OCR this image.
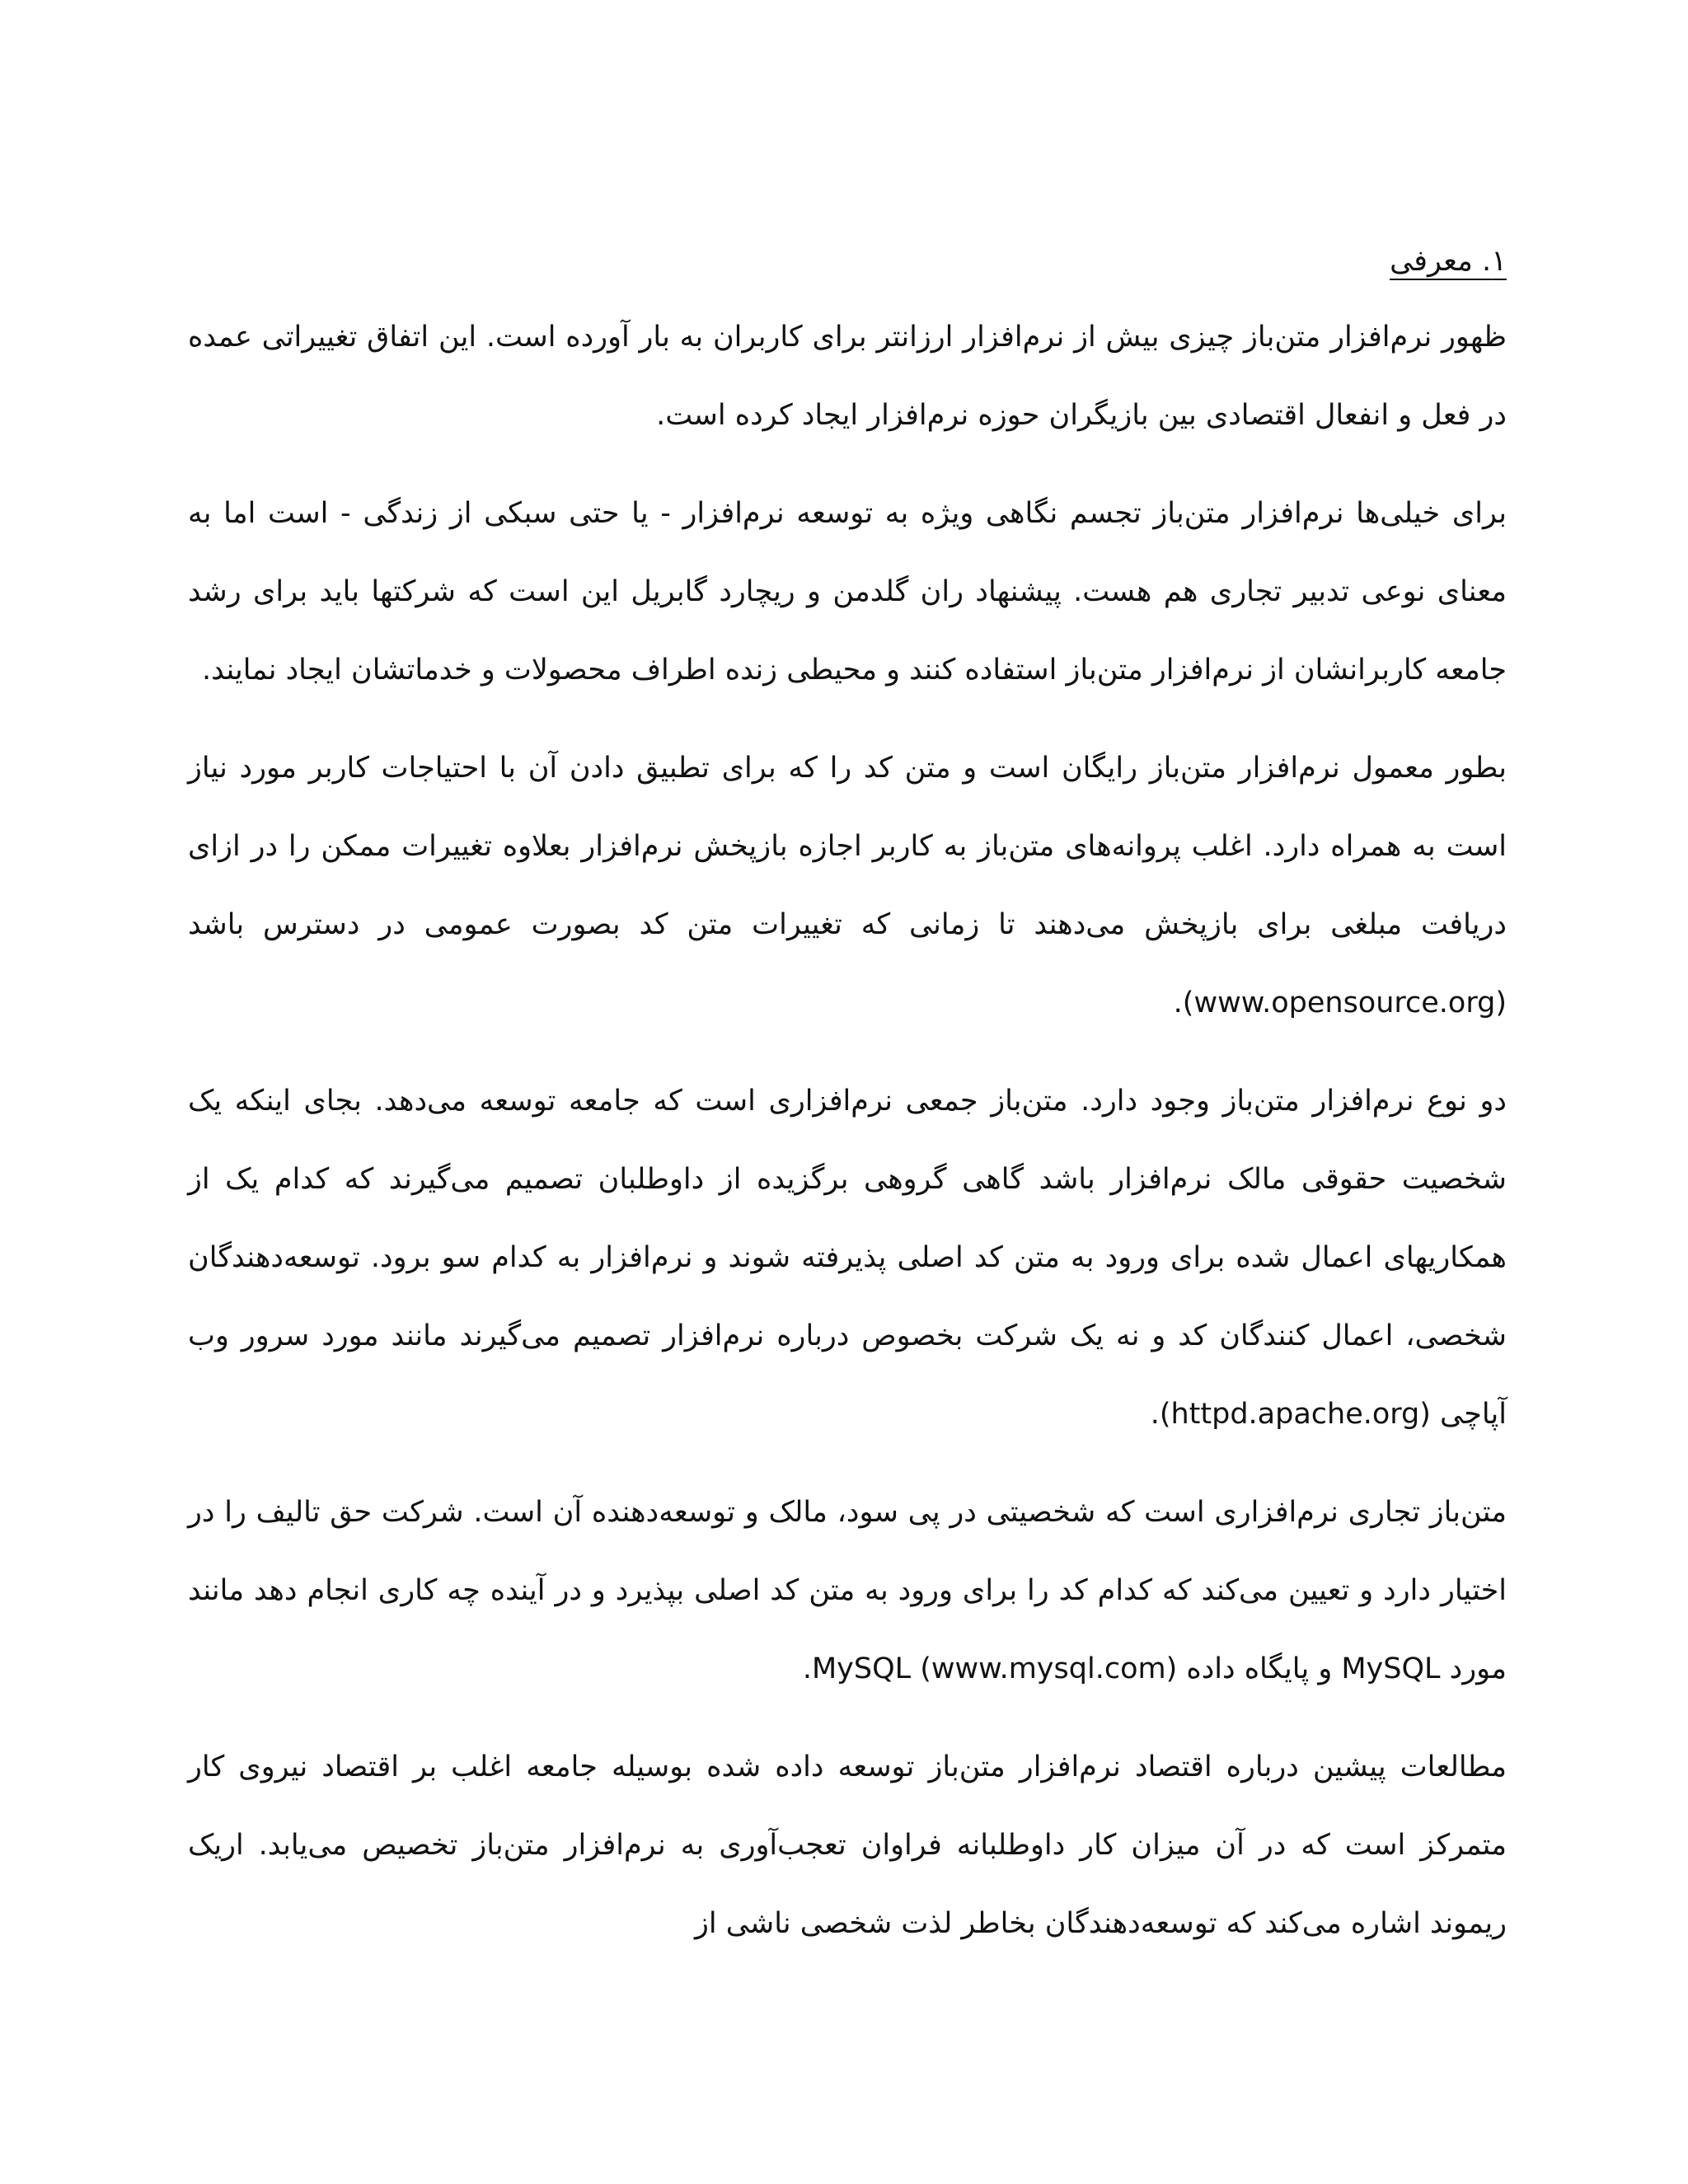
۱. معرفی

ظهور نرم‌افزار متن‌باز چیزی بیش از نرم‌افزار ارزانتر برای کاربران به بار آورده است. این اتفاق تغییراتی عمده در فعل و انفعال اقتصادی بین بازیگران حوزه نرم‌افزار ایجاد کرده است.

برای خیلی‌ها نرم‌افزار متن‌باز تجسم نگاهی ویژه به توسعه نرم‌افزار - یا حتی سبکی از زندگی - است اما به معنای نوعی تدبیر تجاری هم هست. پیشنهاد ران گلدمن و ریچارد گابریل این است که شرکتها باید برای رشد جامعه کاربرانشان از نرم‌افزار متن‌باز استفاده کنند و محیطی زنده اطراف محصولات و خدماتشان ایجاد نمایند.

بطور معمول نرم‌افزار متن‌باز رایگان است و متن کد را که برای تطبیق دادن آن با احتیاجات کاربر مورد نیاز است به همراه دارد. اغلب پروانه‌های متن‌باز به کاربر اجازه بازپخش نرم‌افزار بعلاوه تغییرات ممکن را در ازای دریافت مبلغی برای بازپخش می‌دهند تا زمانی که تغییرات متن کد بصورت عمومی در دسترس باشد (www.opensource.org).

دو نوع نرم‌افزار متن‌باز وجود دارد. متن‌باز جمعی نرم‌افزاری است که جامعه توسعه می‌دهد. بجای اینکه یک شخصیت حقوقی مالک نرم‌افزار باشد گاهی گروهی برگزیده از داوطلبان تصمیم می‌گیرند که کدام یک از همکاریهای اعمال شده برای ورود به متن کد اصلی پذیرفته شوند و نرم‌افزار به کدام سو برود. توسعه‌دهندگان شخصی، اعمال کنندگان کد و نه یک شرکت بخصوص درباره نرم‌افزار تصمیم می‌گیرند مانند مورد سرور وب آپاچی (httpd.apache.org).

متن‌باز تجاری نرم‌افزاری است که شخصیتی در پی سود، مالک و توسعه‌دهنده آن است. شرکت حق تالیف را در اختیار دارد و تعیین می‌کند که کدام کد را برای ورود به متن کد اصلی بپذیرد و در آینده چه کاری انجام دهد مانند مورد MySQL و پایگاه داده MySQL (www.mysql.com).

مطالعات پیشین درباره اقتصاد نرم‌افزار متن‌باز توسعه داده شده بوسیله جامعه اغلب بر اقتصاد نیروی کار متمرکز است که در آن میزان کار داوطلبانه فراوان تعجب‌آوری به نرم‌افزار متن‌باز تخصیص می‌یابد. اریک ریموند اشاره می‌کند که توسعه‌دهندگان بخاطر لذت شخصی ناشی از
